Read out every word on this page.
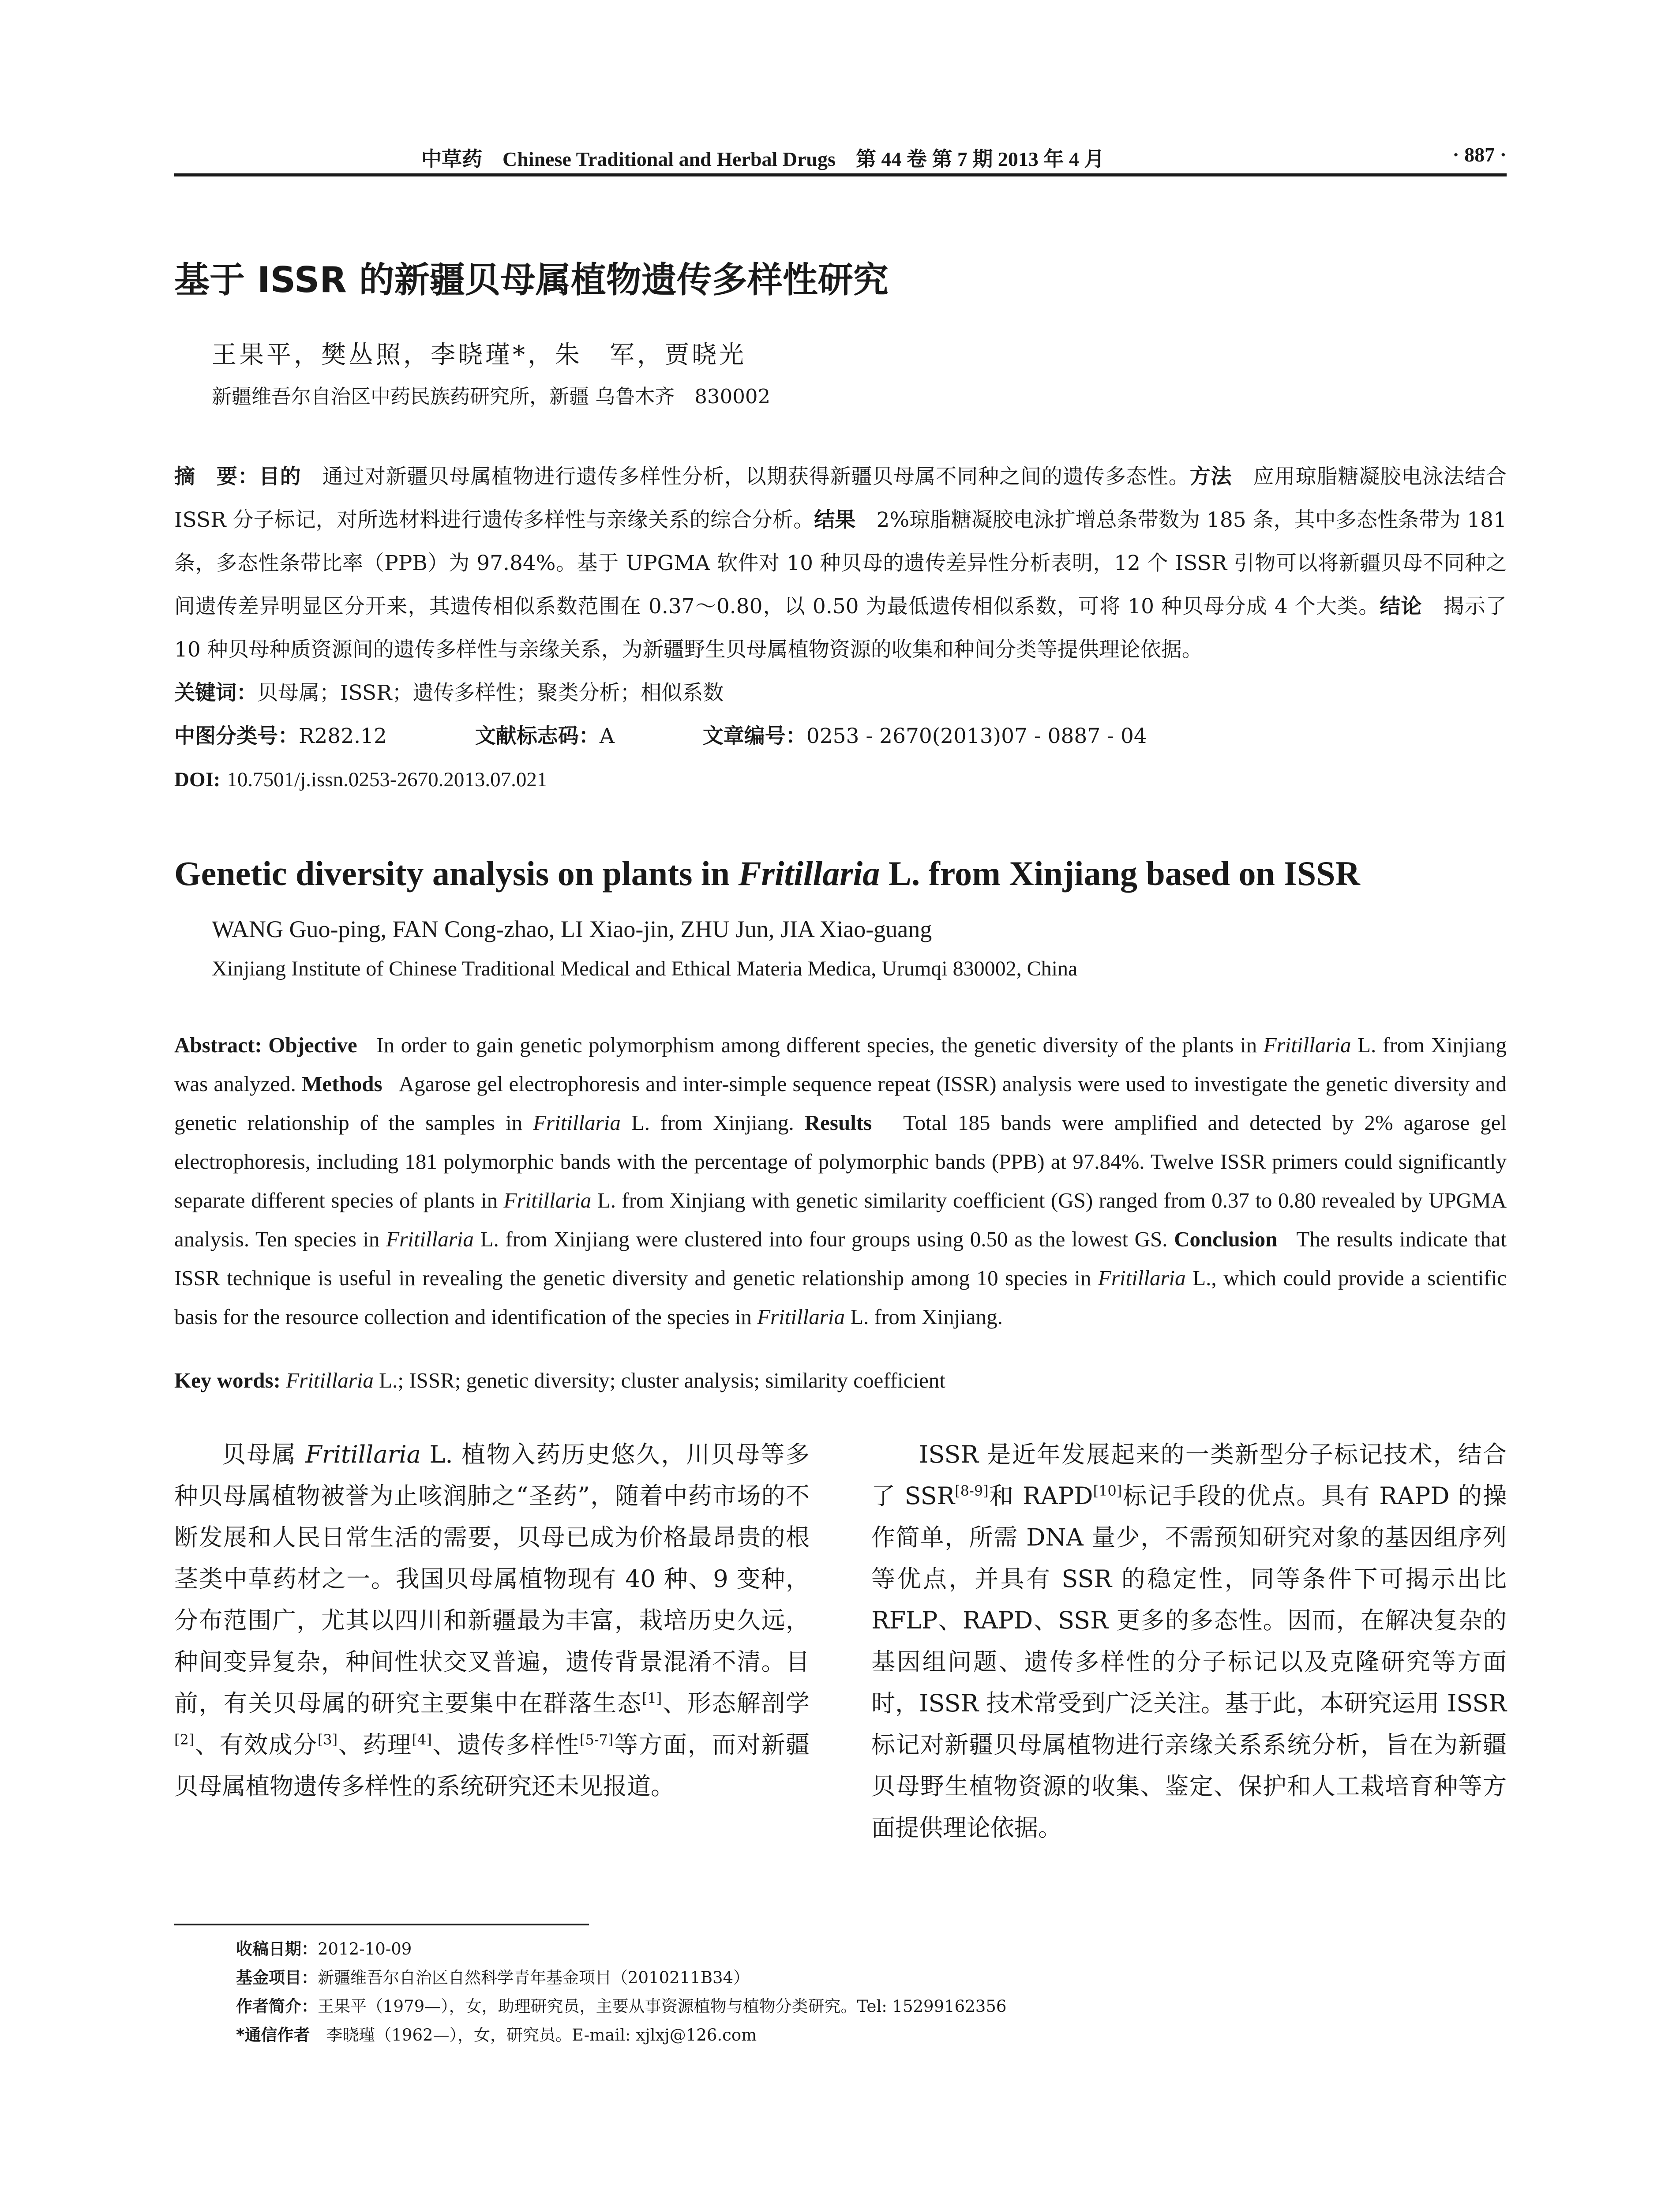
中草药　Chinese Traditional and Herbal Drugs　第 44 卷 第 7 期 2013 年 4 月	· 887 ·
基于 ISSR 的新疆贝母属植物遗传多样性研究
王果平，樊丛照，李晓瑾*，朱　军，贾晓光
新疆维吾尔自治区中药民族药研究所，新疆 乌鲁木齐　830002
摘　要：目的　 通过对新疆贝母属植物进行遗传多样性分析，以期获得新疆贝母属不同种之间的遗传多态性。方法　 应用琼脂糖凝胶电泳法结合 ISSR 分子标记，对所选材料进行遗传多样性与亲缘关系的综合分析。结果　 2%琼脂糖凝胶电泳扩增总条带数为 185 条，其中多态性条带为 181 条，多态性条带比率（PPB）为 97.84%。基于 UPGMA 软件对 10 种贝母的遗传差异性分析表明，12 个 ISSR 引物可以将新疆贝母不同种之间遗传差异明显区分开来，其遗传相似系数范围在 0.37～0.80，以 0.50 为最低遗传相似系数，可将 10 种贝母分成 4 个大类。结论　 揭示了 10 种贝母种质资源间的遗传多样性与亲缘关系，为新疆野生贝母属植物资源的收集和种间分类等提供理论依据。
关键词：贝母属；ISSR；遗传多样性；聚类分析；相似系数
中图分类号：R282.12	文献标志码：A	文章编号：0253 - 2670(2013)07 - 0887 - 04
DOI: 10.7501/j.issn.0253-2670.2013.07.021
Genetic diversity analysis on plants in Fritillaria L. from Xinjiang based on ISSR
WANG Guo-ping, FAN Cong-zhao, LI Xiao-jin, ZHU Jun, JIA Xiao-guang
Xinjiang Institute of Chinese Traditional Medical and Ethical Materia Medica, Urumqi 830002, China
Abstract: Objective In order to gain genetic polymorphism among different species, the genetic diversity of the plants in Fritillaria L. from Xinjiang was analyzed. Methods Agarose gel electrophoresis and inter-simple sequence repeat (ISSR) analysis were used to investigate the genetic diversity and genetic relationship of the samples in Fritillaria L. from Xinjiang. Results Total 185 bands were amplified and detected by 2% agarose gel electrophoresis, including 181 polymorphic bands with the percentage of polymorphic bands (PPB) at 97.84%. Twelve ISSR primers could significantly separate different species of plants in Fritillaria L. from Xinjiang with genetic similarity coefficient (GS) ranged from 0.37 to 0.80 revealed by UPGMA analysis. Ten species in Fritillaria L. from Xinjiang were clustered into four groups using 0.50 as the lowest GS. Conclusion The results indicate that ISSR technique is useful in revealing the genetic diversity and genetic relationship among 10 species in Fritillaria L., which could provide a scientific basis for the resource collection and identification of the species in Fritillaria L. from Xinjiang.
Key words: Fritillaria L.; ISSR; genetic diversity; cluster analysis; similarity coefficient

贝母属 Fritillaria L. 植物入药历史悠久，川贝母等多种贝母属植物被誉为止咳润肺之“圣药”，随着中药市场的不断发展和人民日常生活的需要，贝母已成为价格最昂贵的根茎类中草药材之一。我国贝母属植物现有 40 种、9 变种，分布范围广，尤其以四川和新疆最为丰富，栽培历史久远，种间变异复杂，种间性状交叉普遍，遗传背景混淆不清。目前，有关贝母属的研究主要集中在群落生态[1]、形态解剖学[2]、有效成分[3]、药理[4]、遗传多样性[5-7]等方面，而对新疆贝母属植物遗传多样性的系统研究还未见报道。

ISSR 是近年发展起来的一类新型分子标记技术，结合了 SSR[8-9]和 RAPD[10]标记手段的优点。具有 RAPD 的操作简单，所需 DNA 量少，不需预知研究对象的基因组序列等优点，并具有 SSR 的稳定性，同等条件下可揭示出比 RFLP、RAPD、SSR 更多的多态性。因而，在解决复杂的基因组问题、遗传多样性的分子标记以及克隆研究等方面时，ISSR 技术常受到广泛关注。基于此，本研究运用 ISSR 标记对新疆贝母属植物进行亲缘关系系统分析，旨在为新疆贝母野生植物资源的收集、鉴定、保护和人工栽培育种等方面提供理论依据。

收稿日期：2012-10-09
基金项目：新疆维吾尔自治区自然科学青年基金项目（2010211B34）
作者简介：王果平（1979—），女，助理研究员，主要从事资源植物与植物分类研究。Tel: 15299162356
*通信作者　 李晓瑾（1962—），女，研究员。E-mail: xjlxj@126.com
